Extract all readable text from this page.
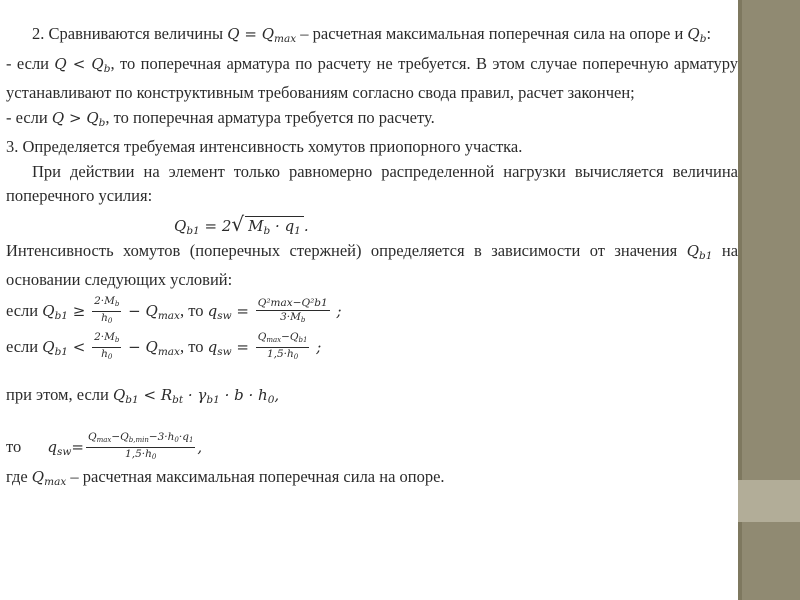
2. Сравниваются величины $Q = Q_{max}$ – расчетная максимальная поперечная сила на опоре и $Q_b$:
- если $Q < Q_b$, то поперечная арматура по расчету не требуется. В этом случае поперечную арматуру устанавливают по конструктивным требованиям согласно свода правил, расчет закончен;
- если $Q > Q_b$, то поперечная арматура требуется по расчету.
3. Определяется требуемая интенсивность хомутов приопорного участка.
При действии на элемент только равномерно распределенной нагрузки вычисляется величина поперечного усилия:
$Q_{b1} = 2√$ $M_b \cdot q_1$ .
Интенсивность хомутов (поперечных стержней) определяется в зависимости от значения $Q_{b1}$ на основании следующих условий:
если $Q_{b1} \ge \frac{2\cdot Mb}{h0} - Q_{max}$, то $q_{sw} = \frac{\text{Q²max−Q²b1}}{3\cdot Mb}$ ;
если $Q_{b1} < \frac{2\cdot Mb}{h0} - Q_{max}$, то $q_{sw} = \frac{Qmax-Qb1}{1,5\cdot h0}$ ;
при этом, если $Q_{b1} < R_{bt} \cdot \gamma_{b1} \cdot b \cdot h_0$,
то $q_{sw}= \frac{Qmax-Qb,\min-3\cdot h0\cdot q1}{1,5\cdot h0}$ ,
где $Q_{max}$ – расчетная максимальная поперечная сила на опоре.
